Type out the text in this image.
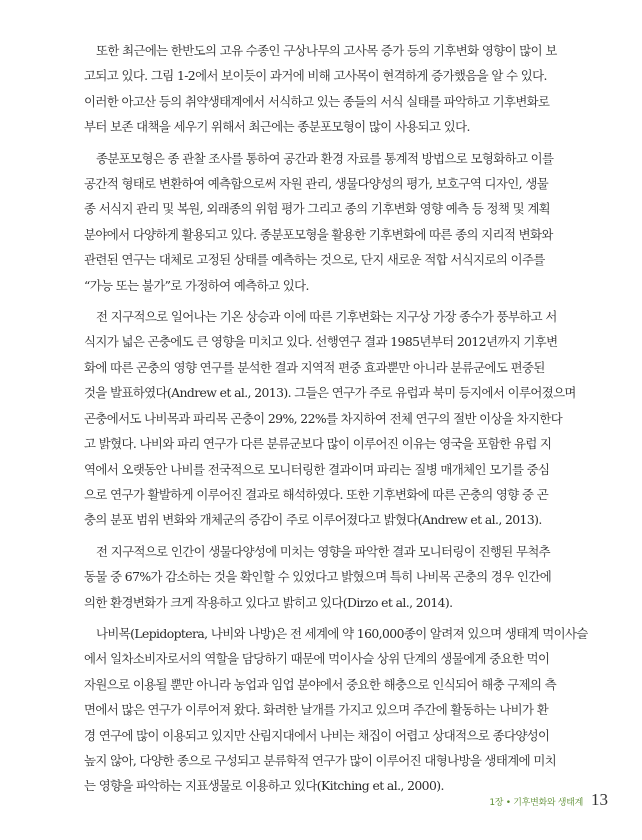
또한 최근에는 한반도의 고유 수종인 구상나무의 고사목 증가 등의 기후변화 영향이 많이 보
고되고 있다. 그림 1-2에서 보이듯이 과거에 비해 고사목이 현격하게 증가했음을 알 수 있다.
이러한 아고산 등의 취약생태계에서 서식하고 있는 종들의 서식 실태를 파악하고 기후변화로
부터 보존 대책을 세우기 위해서 최근에는 종분포모형이 많이 사용되고 있다.
종분포모형은 종 관찰 조사를 통하여 공간과 환경 자료를 통계적 방법으로 모형화하고 이를
공간적 형태로 변환하여 예측함으로써 자원 관리, 생물다양성의 평가, 보호구역 디자인, 생물
종 서식지 관리 및 복원, 외래종의 위험 평가 그리고 종의 기후변화 영향 예측 등 정책 및 계획
분야에서 다양하게 활용되고 있다. 종분포모형을 활용한 기후변화에 따른 종의 지리적 변화와
관련된 연구는 대체로 고정된 상태를 예측하는 것으로, 단지 새로운 적합 서식지로의 이주를
“가능 또는 불가”로 가정하여 예측하고 있다.
전 지구적으로 일어나는 기온 상승과 이에 따른 기후변화는 지구상 가장 종수가 풍부하고 서
식지가 넓은 곤충에도 큰 영향을 미치고 있다. 선행연구 결과 1985년부터 2012년까지 기후변
화에 따른 곤충의 영향 연구를 분석한 결과 지역적 편중 효과뿐만 아니라 분류군에도 편중된
것을 발표하였다(Andrew et al., 2013). 그들은 연구가 주로 유럽과 북미 등지에서 이루어졌으며
곤충에서도 나비목과 파리목 곤충이 29%, 22%를 차지하여 전체 연구의 절반 이상을 차지한다
고 밝혔다. 나비와 파리 연구가 다른 분류군보다 많이 이루어진 이유는 영국을 포함한 유럽 지
역에서 오랫동안 나비를 전국적으로 모니터링한 결과이며 파리는 질병 매개체인 모기를 중심
으로 연구가 활발하게 이루어진 결과로 해석하였다. 또한 기후변화에 따른 곤충의 영향 중 곤
충의 분포 범위 변화와 개체군의 증감이 주로 이루어졌다고 밝혔다(Andrew et al., 2013).
전 지구적으로 인간이 생물다양성에 미치는 영향을 파악한 결과 모니터링이 진행된 무척추
동물 중 67%가 감소하는 것을 확인할 수 있었다고 밝혔으며 특히 나비목 곤충의 경우 인간에
의한 환경변화가 크게 작용하고 있다고 밝히고 있다(Dirzo et al., 2014).
나비목(Lepidoptera, 나비와 나방)은 전 세계에 약 160,000종이 알려져 있으며 생태계 먹이사슬
에서 일차소비자로서의 역할을 담당하기 때문에 먹이사슬 상위 단계의 생물에게 중요한 먹이
자원으로 이용될 뿐만 아니라 농업과 임업 분야에서 중요한 해충으로 인식되어 해충 구제의 측
면에서 많은 연구가 이루어져 왔다. 화려한 날개를 가지고 있으며 주간에 활동하는 나비가 환
경 연구에 많이 이용되고 있지만 산림지대에서 나비는 채집이 어렵고 상대적으로 종다양성이
높지 않아, 다양한 종으로 구성되고 분류학적 연구가 많이 이루어진 대형나방을 생태계에 미치
는 영향을 파악하는 지표생물로 이용하고 있다(Kitching et al., 2000).
1장 • 기후변화와 생태계 13
